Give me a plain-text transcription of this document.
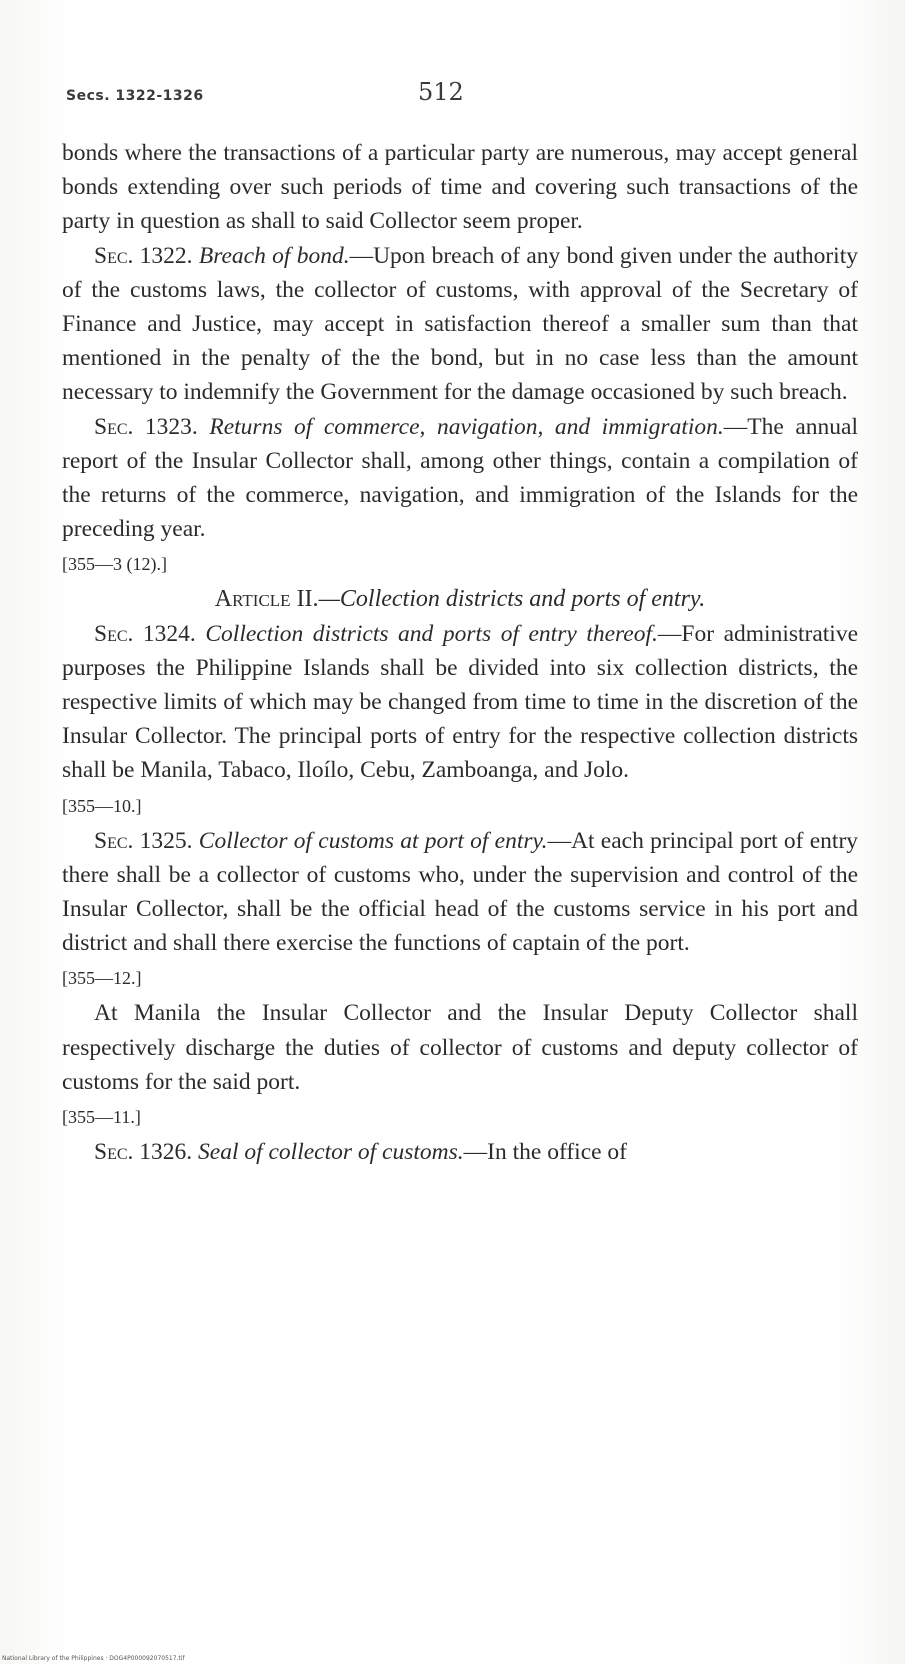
Secs. 1322-1326	512

bonds where the transactions of a particular party are numerous, may accept general bonds extending over such periods of time and covering such transactions of the party in question as shall to said Collector seem proper.

Sec. 1322. Breach of bond.—Upon breach of any bond given under the authority of the customs laws, the collector of customs, with approval of the Secretary of Finance and Justice, may accept in satisfaction thereof a smaller sum than that mentioned in the penalty of the the bond, but in no case less than the amount necessary to indemnify the Government for the damage occasioned by such breach.

Sec. 1323. Returns of commerce, navigation, and immigration.—The annual report of the Insular Collector shall, among other things, contain a compilation of the returns of the commerce, navigation, and immigration of the Islands for the preceding year.

[355—3 (12).]

Article II.—Collection districts and ports of entry.

Sec. 1324. Collection districts and ports of entry thereof.—For administrative purposes the Philippine Islands shall be divided into six collection districts, the respective limits of which may be changed from time to time in the discretion of the Insular Collector. The principal ports of entry for the respective collection districts shall be Manila, Tabaco, Iloílo, Cebu, Zamboanga, and Jolo.

[355—10.]

Sec. 1325. Collector of customs at port of entry.—At each principal port of entry there shall be a collector of customs who, under the supervision and control of the Insular Collector, shall be the official head of the customs service in his port and district and shall there exercise the functions of captain of the port.

[355—12.]

At Manila the Insular Collector and the Insular Deputy Collector shall respectively discharge the duties of collector of customs and deputy collector of customs for the said port.

[355—11.]

Sec. 1326. Seal of collector of customs.—In the office of

National Library of the Philippines · DOG4P000092070517.tif
